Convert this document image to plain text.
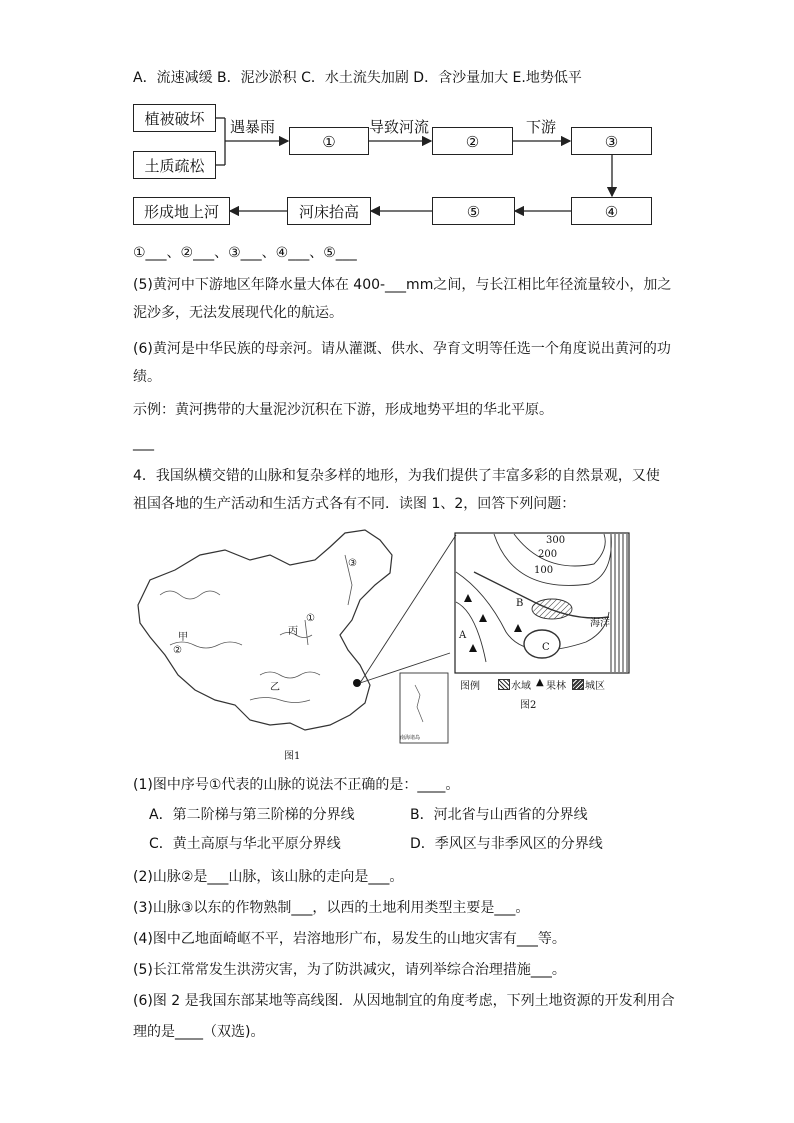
A．流速减缓 B．泥沙淤积 C．水土流失加剧 D．含沙量加大 E.地势低平
植被破坏
土质疏松
遇暴雨
①
导致河流
②
下游
③
④
⑤
河床抬高
形成地上河
①___、②___、③___、④___、⑤___
(5)黄河中下游地区年降水量大体在 400-___mm之间，与长江相比年径流量较小，加之
泥沙多，无法发展现代化的航运。
(6)黄河是中华民族的母亲河。请从灌溉、供水、孕育文明等任选一个角度说出黄河的功
绩。
示例：黄河携带的大量泥沙沉积在下游，形成地势平坦的华北平原。
___
4．我国纵横交错的山脉和复杂多样的地形，为我们提供了丰富多彩的自然景观，又使
祖国各地的生产活动和生活方式各有不同．读图 1、2，回答下列问题：
甲
②
丙
①
③
乙
南海诸岛
图1
300
200
100
B
A
C
海洋
图例	水域 ▲ 果林 城区
图2
(1)图中序号①代表的山脉的说法不正确的是：____。
A．第二阶梯与第三阶梯的分界线	B．河北省与山西省的分界线
C．黄土高原与华北平原分界线	D．季风区与非季风区的分界线
(2)山脉②是___山脉，该山脉的走向是___。
(3)山脉③以东的作物熟制___，以西的土地利用类型主要是___。
(4)图中乙地面崎岖不平，岩溶地形广布，易发生的山地灾害有___等。
(5)长江常常发生洪涝灾害，为了防洪减灾，请列举综合治理措施___。
(6)图 2 是我国东部某地等高线图．从因地制宜的角度考虑，下列土地资源的开发利用合
理的是____（双选)。
